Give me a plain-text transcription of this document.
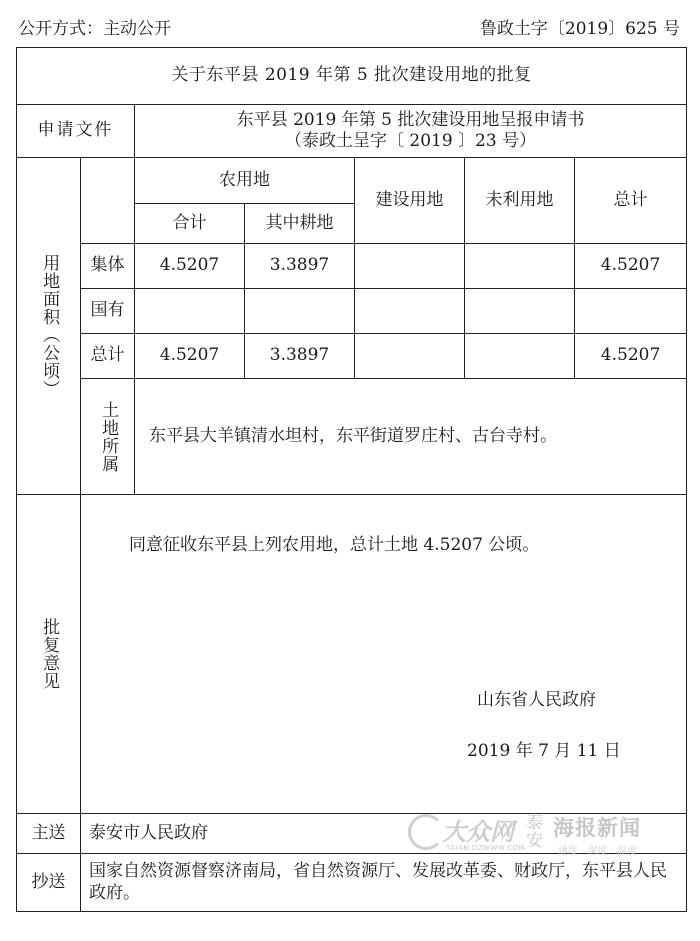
公开方式：主动公开	鲁政土字〔2019〕625 号
关于东平县 2019 年第 5 批次建设用地的批复						
申请文件		东平县 2019 年第 5 批次建设用地呈报申请书
（泰政土呈字〔 2019 〕23 号）				

用地面积（公顷）		农用地		建设用地	未利用地	总计
		合计	其中耕地			
	集体	4.5207	3.3897			4.5207
	国有					
	总计	4.5207	3.3897			4.5207

	土地所属	东平县大羊镇清水坦村，东平街道罗庄村、古台寺村。				

批复意见	同意征收东平县上列农用地，总计土地 4.5207 公顷。
山东省人民政府
2019 年 7 月 11 日					

主送	泰安市人民政府					
抄送	国家自然资源督察济南局，省自然资源厅、发展改革委、财政厅，东平县人民政府。					
大众网
TAIAN.DZWWW.COM
泰安
海报新闻
速度 · 深度 · 温度
